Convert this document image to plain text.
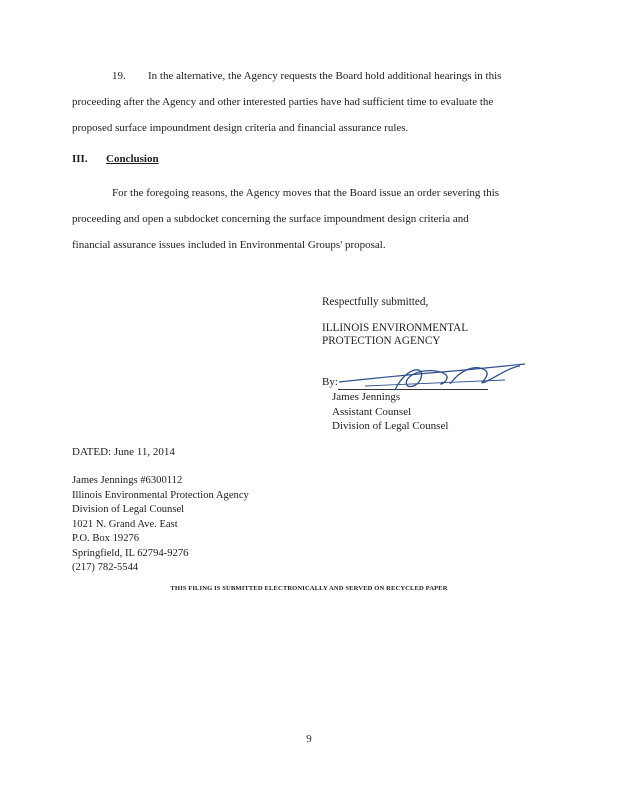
19. In the alternative, the Agency requests the Board hold additional hearings in this
proceeding after the Agency and other interested parties have had sufficient time to evaluate the
proposed surface impoundment design criteria and financial assurance rules.
III. Conclusion
For the foregoing reasons, the Agency moves that the Board issue an order severing this
proceeding and open a subdocket concerning the surface impoundment design criteria and
financial assurance issues included in Environmental Groups' proposal.
Respectfully submitted,
ILLINOIS ENVIRONMENTAL
PROTECTION AGENCY
By:
James Jennings
Assistant Counsel
Division of Legal Counsel
DATED: June 11, 2014
James Jennings #6300112
Illinois Environmental Protection Agency
Division of Legal Counsel
1021 N. Grand Ave. East
P.O. Box 19276
Springfield, IL 62794-9276
(217) 782-5544
THIS FILING IS SUBMITTED ELECTRONICALLY AND SERVED ON RECYCLED PAPER
9
